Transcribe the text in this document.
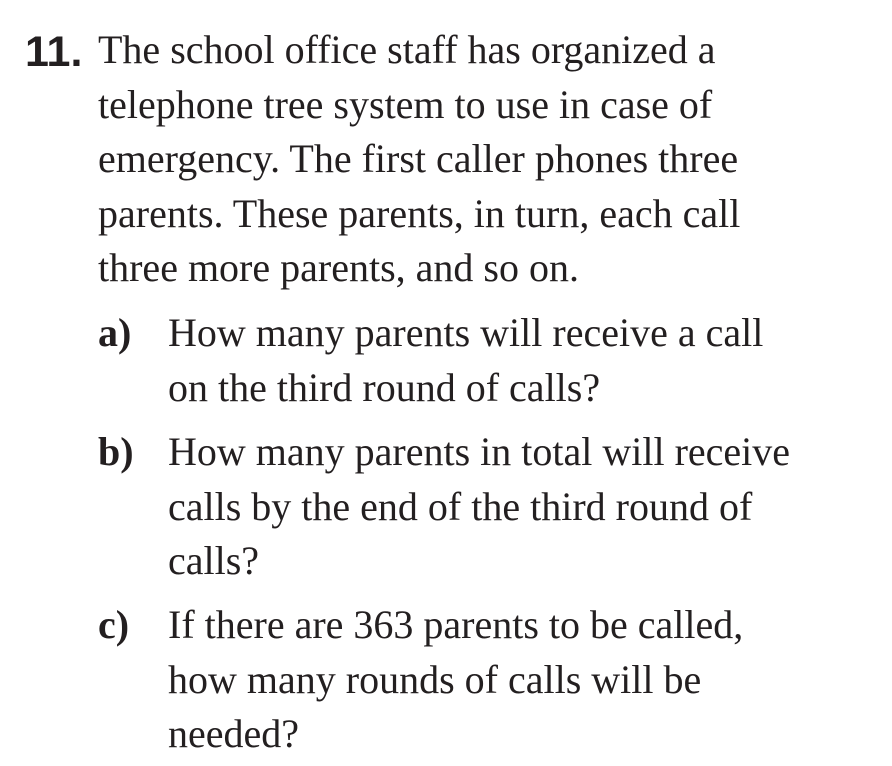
11. The school office staff has organized a
telephone tree system to use in case of
emergency. The first caller phones three
parents. These parents, in turn, each call
three more parents, and so on.
a) How many parents will receive a call
on the third round of calls?
b) How many parents in total will receive
calls by the end of the third round of
calls?
c) If there are 363 parents to be called,
how many rounds of calls will be
needed?
